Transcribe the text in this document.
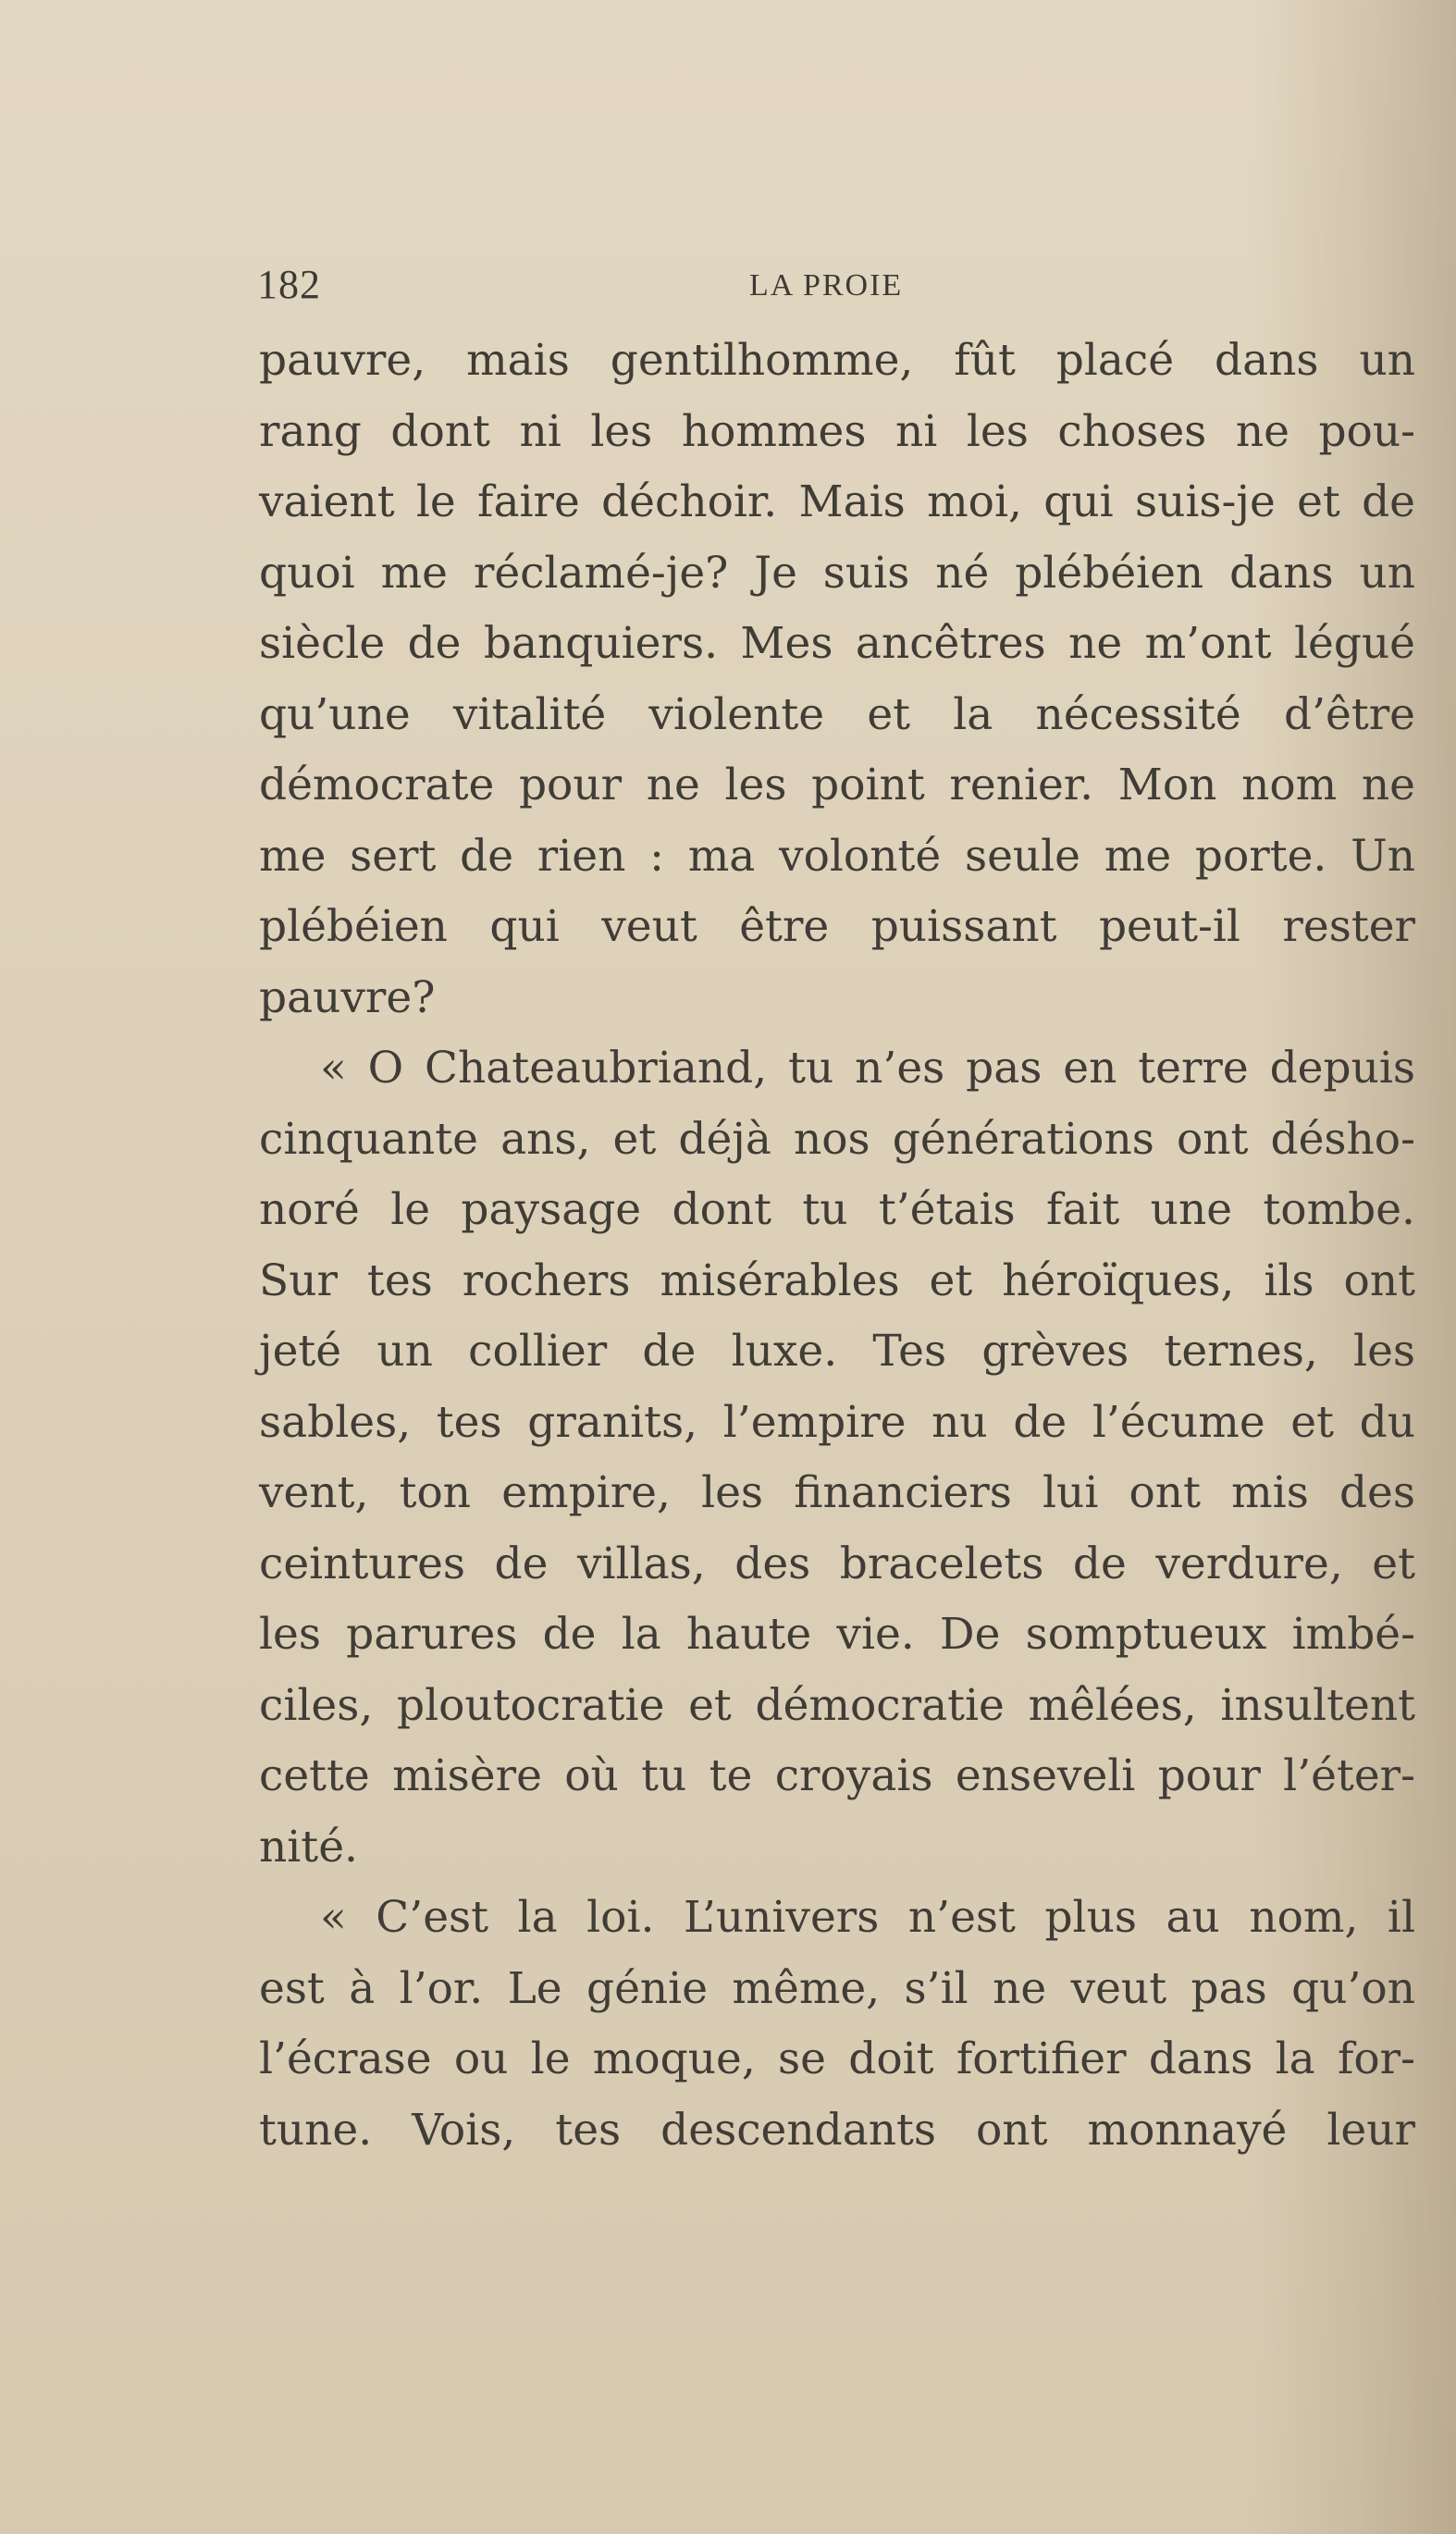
182	LA PROIE
pauvre, mais gentilhomme, fût placé dans un
rang dont ni les hommes ni les choses ne pou-
vaient le faire déchoir. Mais moi, qui suis-je et de
quoi me réclamé-je? Je suis né plébéien dans un
siècle de banquiers. Mes ancêtres ne m’ont légué
qu’une vitalité violente et la nécessité d’être
démocrate pour ne les point renier. Mon nom ne
me sert de rien : ma volonté seule me porte. Un
plébéien qui veut être puissant peut-il rester
pauvre?
« O Chateaubriand, tu n’es pas en terre depuis
cinquante ans, et déjà nos générations ont désho-
noré le paysage dont tu t’étais fait une tombe.
Sur tes rochers misérables et héroïques, ils ont
jeté un collier de luxe. Tes grèves ternes, les
sables, tes granits, l’empire nu de l’écume et du
vent, ton empire, les financiers lui ont mis des
ceintures de villas, des bracelets de verdure, et
les parures de la haute vie. De somptueux imbé-
ciles, ploutocratie et démocratie mêlées, insultent
cette misère où tu te croyais enseveli pour l’éter-
nité.
« C’est la loi. L’univers n’est plus au nom, il
est à l’or. Le génie même, s’il ne veut pas qu’on
l’écrase ou le moque, se doit fortifier dans la for-
tune. Vois, tes descendants ont monnayé leur
